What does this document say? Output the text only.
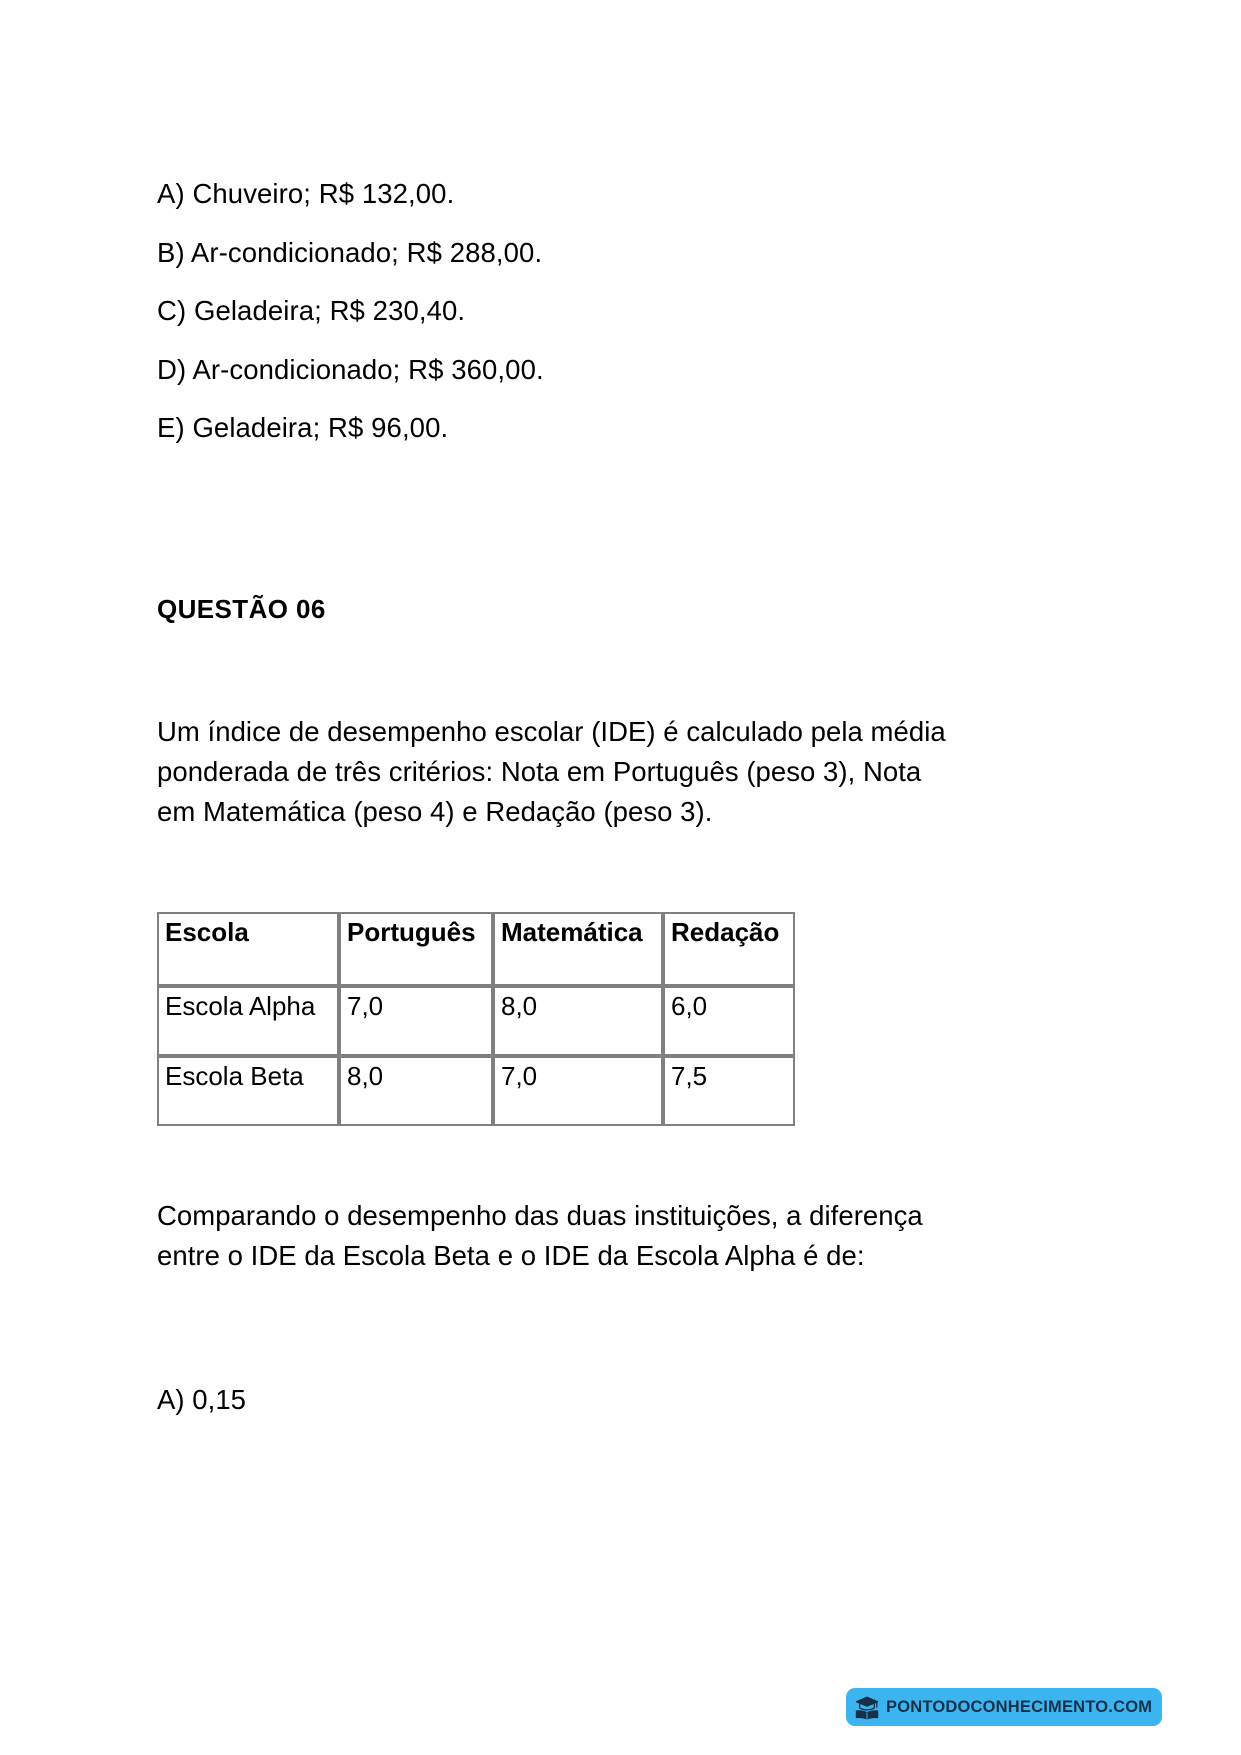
A) Chuveiro; R$ 132,00.
B) Ar-condicionado; R$ 288,00.
C) Geladeira; R$ 230,40.
D) Ar-condicionado; R$ 360,00.
E) Geladeira; R$ 96,00.
QUESTÃO 06

Um índice de desempenho escolar (IDE) é calculado pela média ponderada de três critérios: Nota em Português (peso 3), Nota em Matemática (peso 4) e Redação (peso 3).

Escola	Português	Matemática	Redação
Escola Alpha	7,0	8,0	6,0
Escola Beta	8,0	7,0	7,5

Comparando o desempenho das duas instituições, a diferença entre o IDE da Escola Beta e o IDE da Escola Alpha é de:

A) 0,15

PONTODOCONHECIMENTO.COM
